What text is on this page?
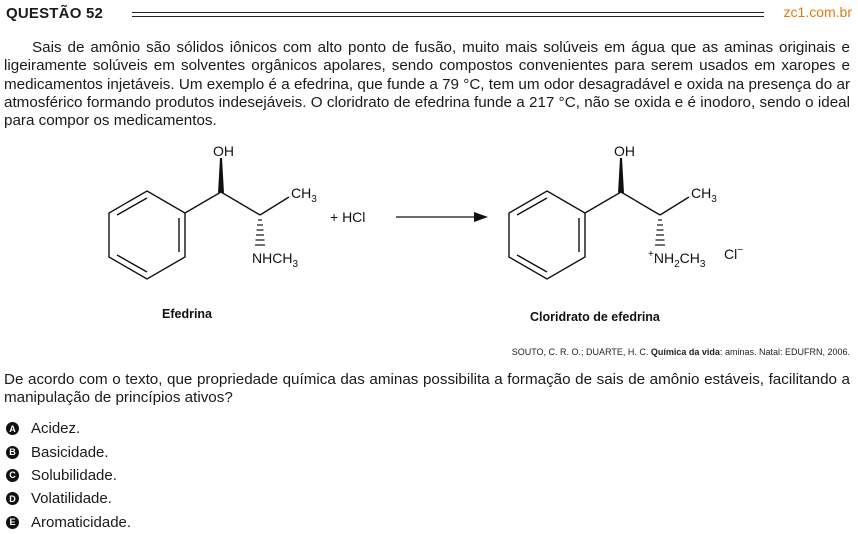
QUESTÃO 52	zc1.com.br

Sais de amônio são sólidos iônicos com alto ponto de fusão, muito mais solúveis em água que as aminas originais e ligeiramente solúveis em solventes orgânicos apolares, sendo compostos convenientes para serem usados em xaropes e medicamentos injetáveis. Um exemplo é a efedrina, que funde a 79 °C, tem um odor desagradável e oxida na presença do ar atmosférico formando produtos indesejáveis. O cloridrato de efedrina funde a 217 °C, não se oxida e é inodoro, sendo o ideal para compor os medicamentos.

OH
$CH_3$
$NHCH_3$
Efedrina
+ HCl
OH
$CH_3$
$^+NH_2CH_3$
Cl−
Cloridrato de efedrina
SOUTO, C. R. O.; DUARTE, H. C. Química da vida: aminas. Natal: EDUFRN, 2006.

De acordo com o texto, que propriedade química das aminas possibilita a formação de sais de amônio estáveis, facilitando a manipulação de princípios ativos?

A Acidez.
B Basicidade.
C Solubilidade.
D Volatilidade.
E Aromaticidade.
